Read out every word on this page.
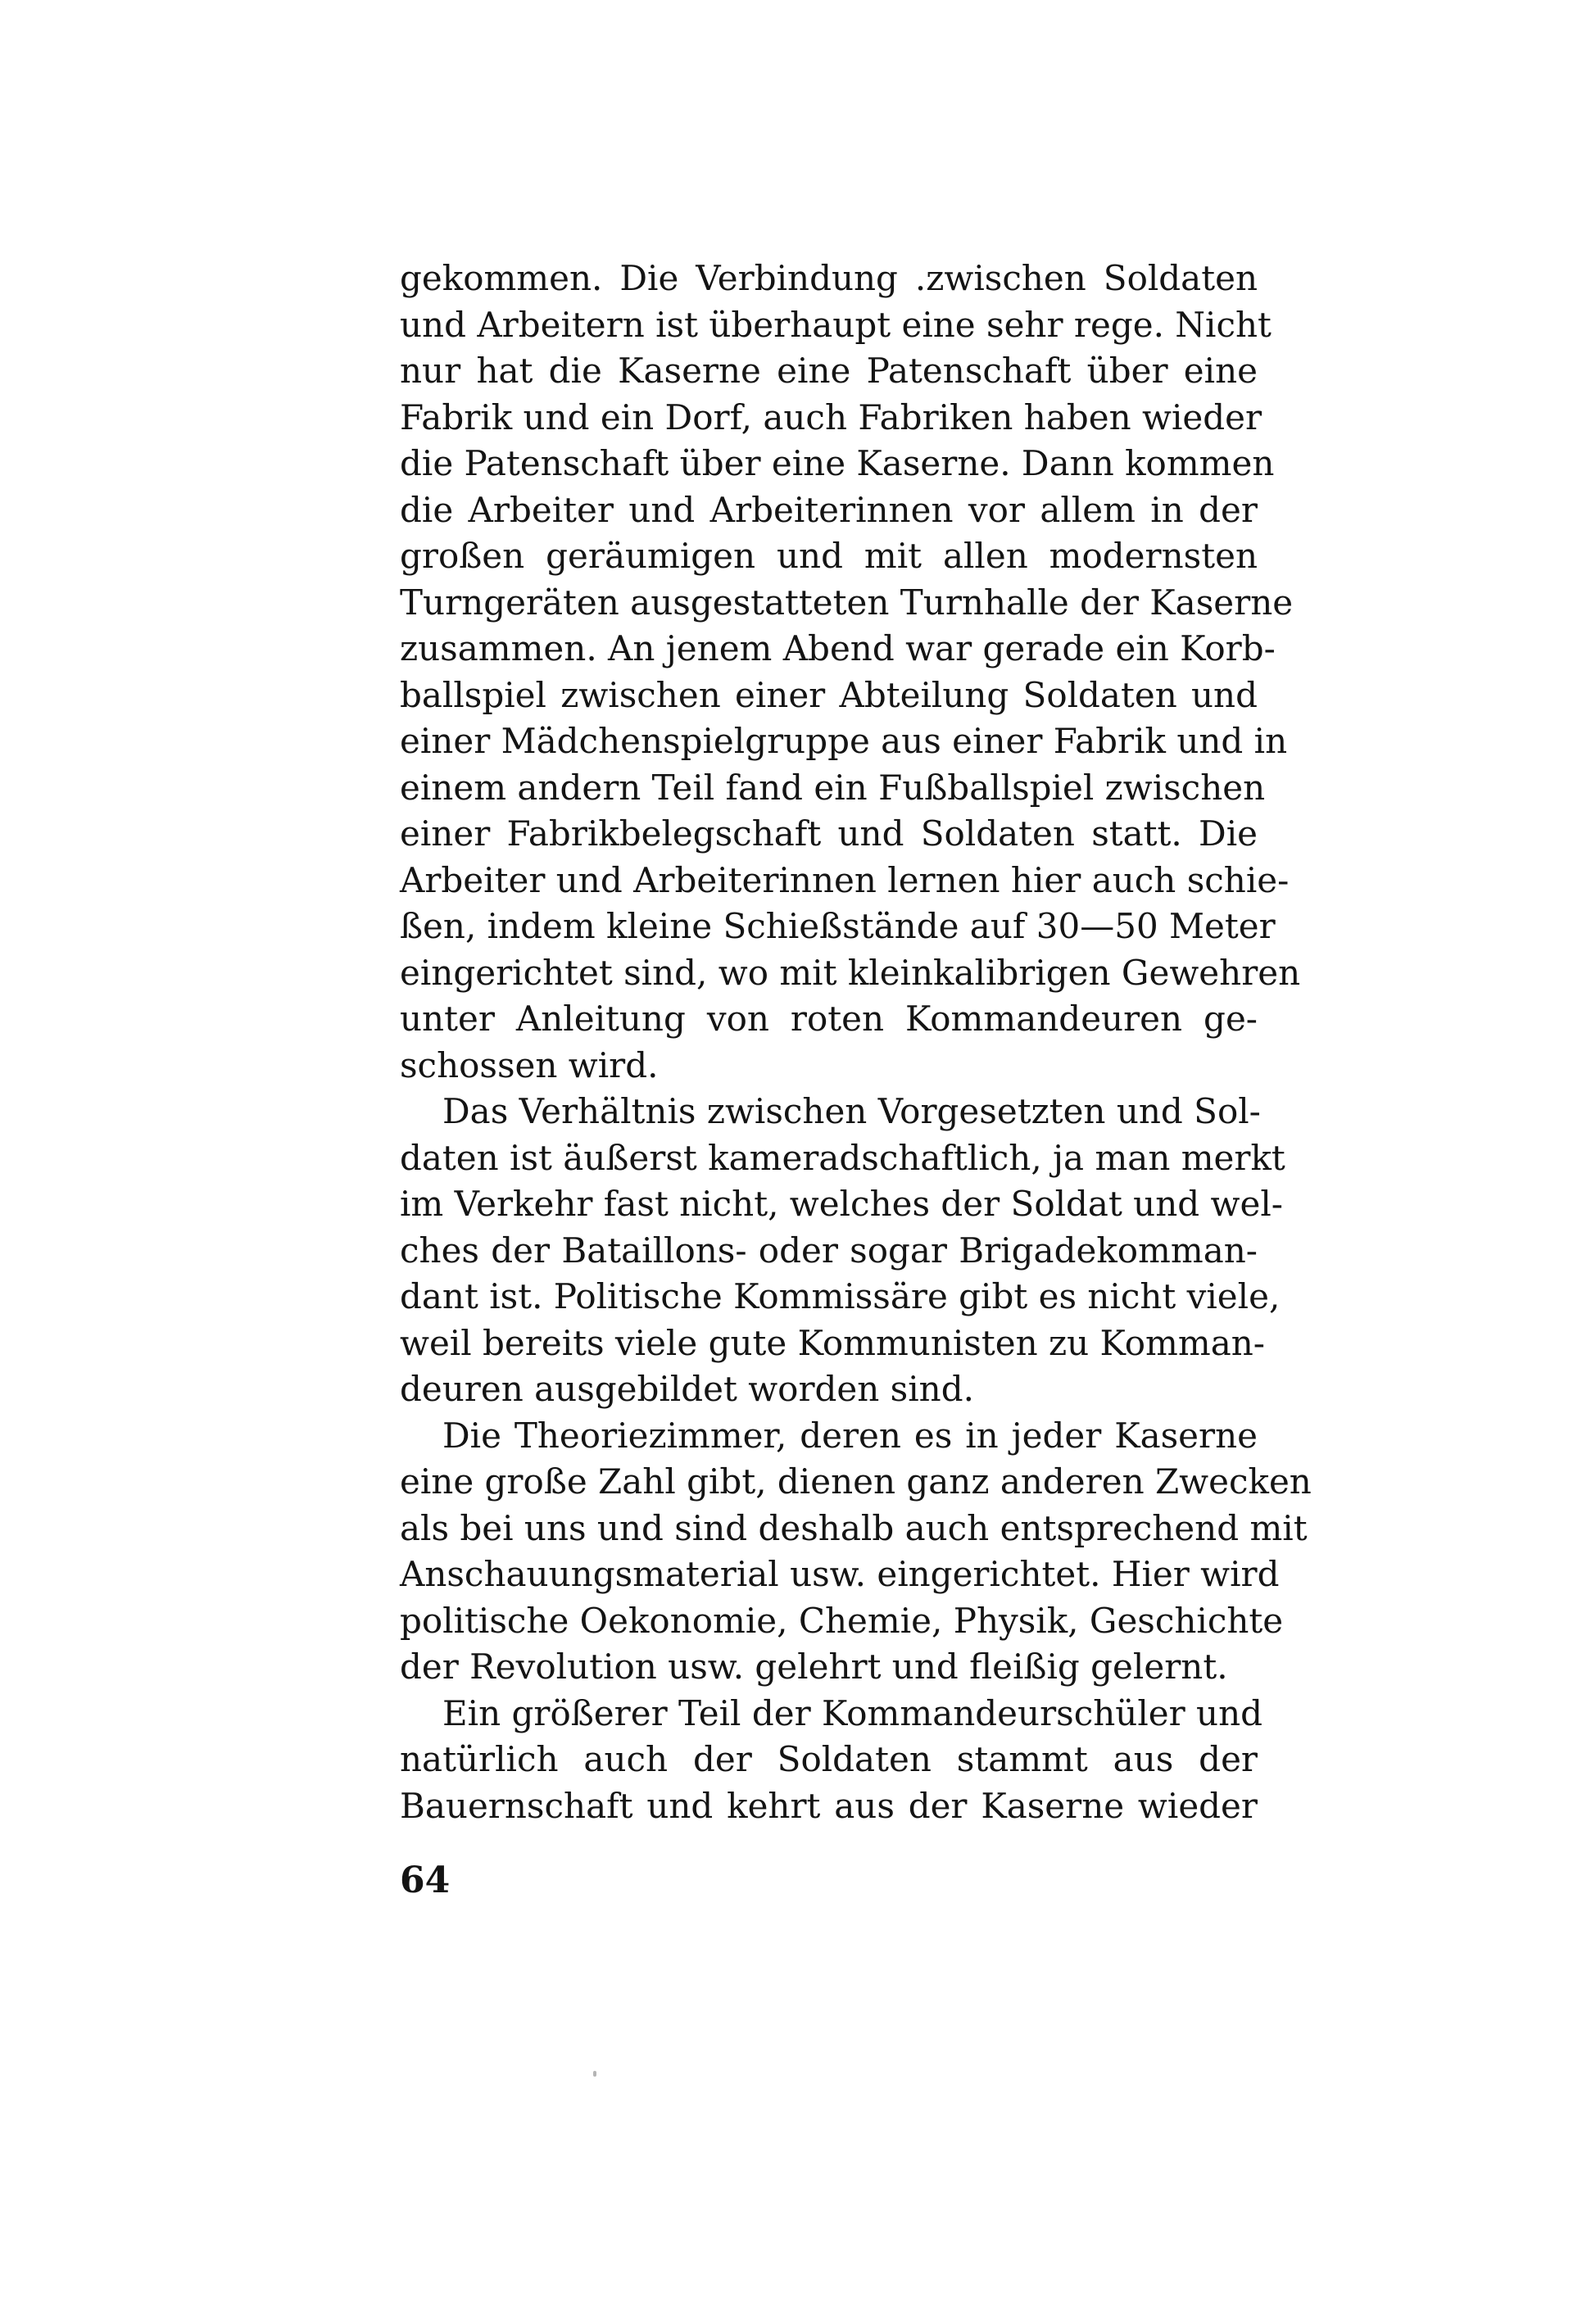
gekommen. Die Verbindung .zwischen Soldaten
und Arbeitern ist überhaupt eine sehr rege. Nicht
nur hat die Kaserne eine Patenschaft über eine
Fabrik und ein Dorf, auch Fabriken haben wieder
die Patenschaft über eine Kaserne. Dann kommen
die Arbeiter und Arbeiterinnen vor allem in der
großen geräumigen und mit allen modernsten
Turngeräten ausgestatteten Turnhalle der Kaserne
zusammen. An jenem Abend war gerade ein Korb-
ballspiel zwischen einer Abteilung Soldaten und
einer Mädchenspielgruppe aus einer Fabrik und in
einem andern Teil fand ein Fußballspiel zwischen
einer Fabrikbelegschaft und Soldaten statt. Die
Arbeiter und Arbeiterinnen lernen hier auch schie-
ßen, indem kleine Schießstände auf 30—50 Meter
eingerichtet sind, wo mit kleinkalibrigen Gewehren
unter Anleitung von roten Kommandeuren ge-
schossen wird.
Das Verhältnis zwischen Vorgesetzten und Sol-
daten ist äußerst kameradschaftlich, ja man merkt
im Verkehr fast nicht, welches der Soldat und wel-
ches der Bataillons- oder sogar Brigadekomman-
dant ist. Politische Kommissäre gibt es nicht viele,
weil bereits viele gute Kommunisten zu Komman-
deuren ausgebildet worden sind.
Die Theoriezimmer, deren es in jeder Kaserne
eine große Zahl gibt, dienen ganz anderen Zwecken
als bei uns und sind deshalb auch entsprechend mit
Anschauungsmaterial usw. eingerichtet. Hier wird
politische Oekonomie, Chemie, Physik, Geschichte
der Revolution usw. gelehrt und fleißig gelernt.
Ein größerer Teil der Kommandeurschüler und
natürlich auch der Soldaten stammt aus der
Bauernschaft und kehrt aus der Kaserne wieder
64
